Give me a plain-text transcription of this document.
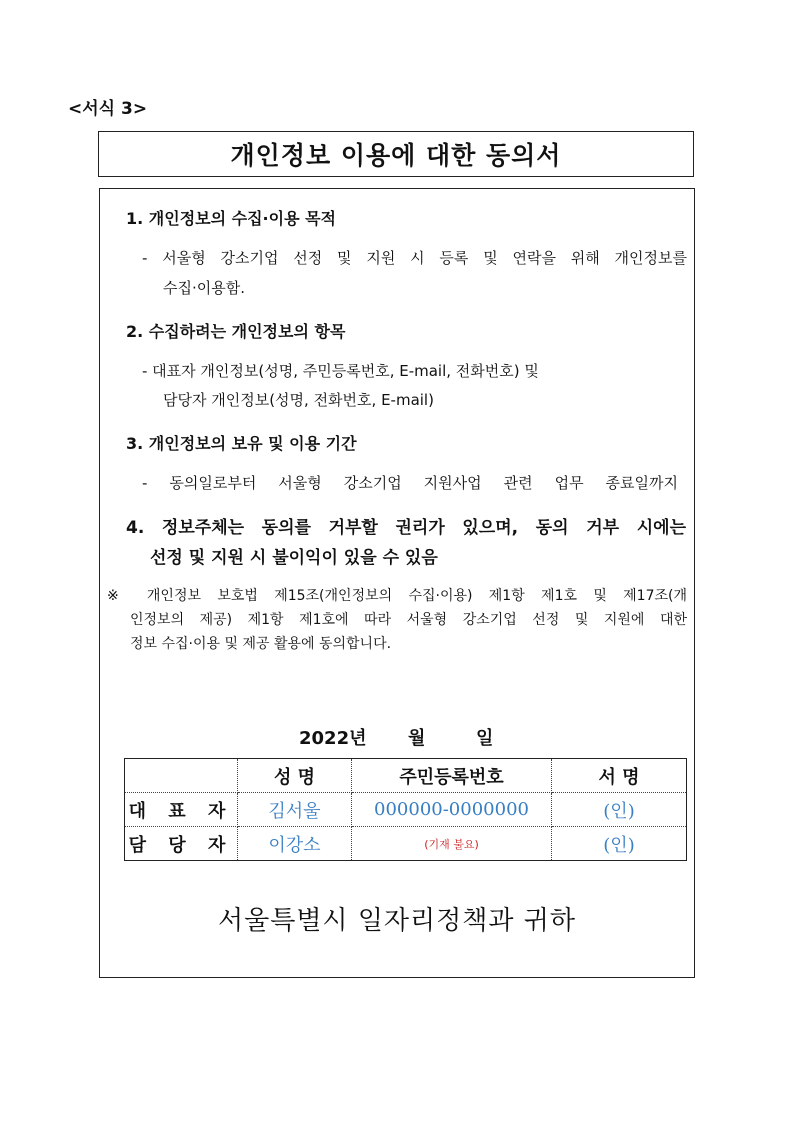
<서식 3>
개인정보 이용에 대한 동의서
1. 개인정보의 수집·이용 목적
- 서울형 강소기업 선정 및 지원 시 등록 및 연락을 위해 개인정보를
수집·이용함.
2. 수집하려는 개인정보의 항목
- 대표자 개인정보(성명, 주민등록번호, E-mail, 전화번호) 및
담당자 개인정보(성명, 전화번호, E-mail)
3. 개인정보의 보유 및 이용 기간
- 동의일로부터 서울형 강소기업 지원사업 관련 업무 종료일까지
4. 정보주체는 동의를 거부할 권리가 있으며, 동의 거부 시에는
선정 및 지원 시 불이익이 있을 수 있음
※ 개인정보 보호법 제15조(개인정보의 수집·이용) 제1항 제1호 및 제17조(개
인정보의 제공) 제1항 제1호에 따라 서울형 강소기업 선정 및 지원에 대한
정보 수집·이용 및 제공 활용에 동의합니다.
2022년 월	일
	성 명	주민등록번호	서 명
대 표 자	김서울	000000-0000000	(인)
담 당 자	이강소	(기재 불요)	(인)
서울특별시 일자리정책과 귀하
